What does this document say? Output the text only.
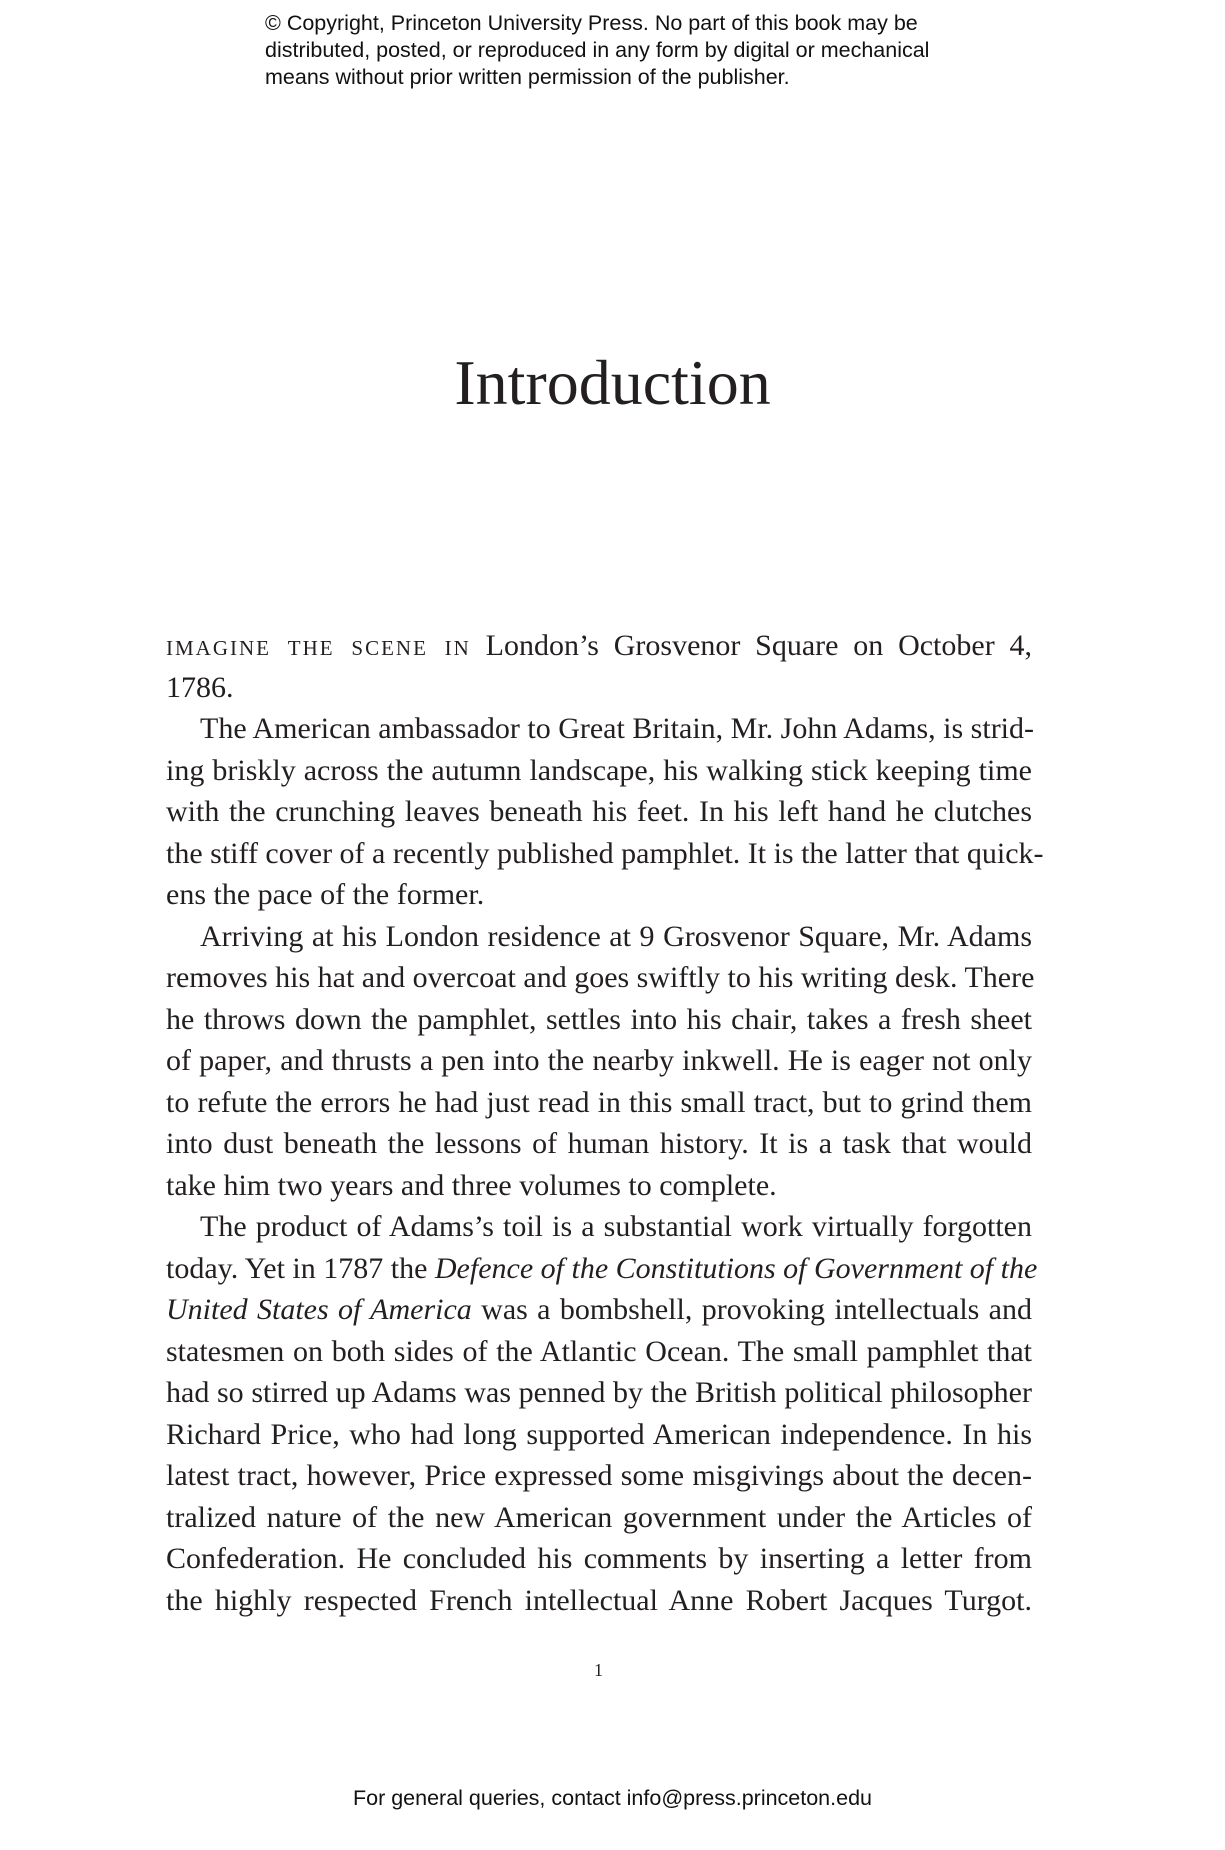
© Copyright, Princeton University Press. No part of this book may be
distributed, posted, or reproduced in any form by digital or mechanical
means without prior written permission of the publisher.
Introduction

imagine the scene in London’s Grosvenor Square on October 4,
1786.

The American ambassador to Great Britain, Mr. John Adams, is strid-
ing briskly across the autumn landscape, his walking stick keeping time
with the crunching leaves beneath his feet. In his left hand he clutches
the stiff cover of a recently published pamphlet. It is the latter that quick-
ens the pace of the former.

Arriving at his London residence at 9 Grosvenor Square, Mr. Adams
removes his hat and overcoat and goes swiftly to his writing desk. There
he throws down the pamphlet, settles into his chair, takes a fresh sheet
of paper, and thrusts a pen into the nearby inkwell. He is eager not only
to refute the errors he had just read in this small tract, but to grind them
into dust beneath the lessons of human history. It is a task that would
take him two years and three volumes to complete.

The product of Adams’s toil is a substantial work virtually forgotten
today. Yet in 1787 the Defence of the Constitutions of Government of the
United States of America was a bombshell, provoking intellectuals and
statesmen on both sides of the Atlantic Ocean. The small pamphlet that
had so stirred up Adams was penned by the British political philosopher
Richard Price, who had long supported American independence. In his
latest tract, however, Price expressed some misgivings about the decen-
tralized nature of the new American government under the Articles of
Confederation. He concluded his comments by inserting a letter from
the highly respected French intellectual Anne Robert Jacques Turgot.

1
For general queries, contact info@press.princeton.edu
